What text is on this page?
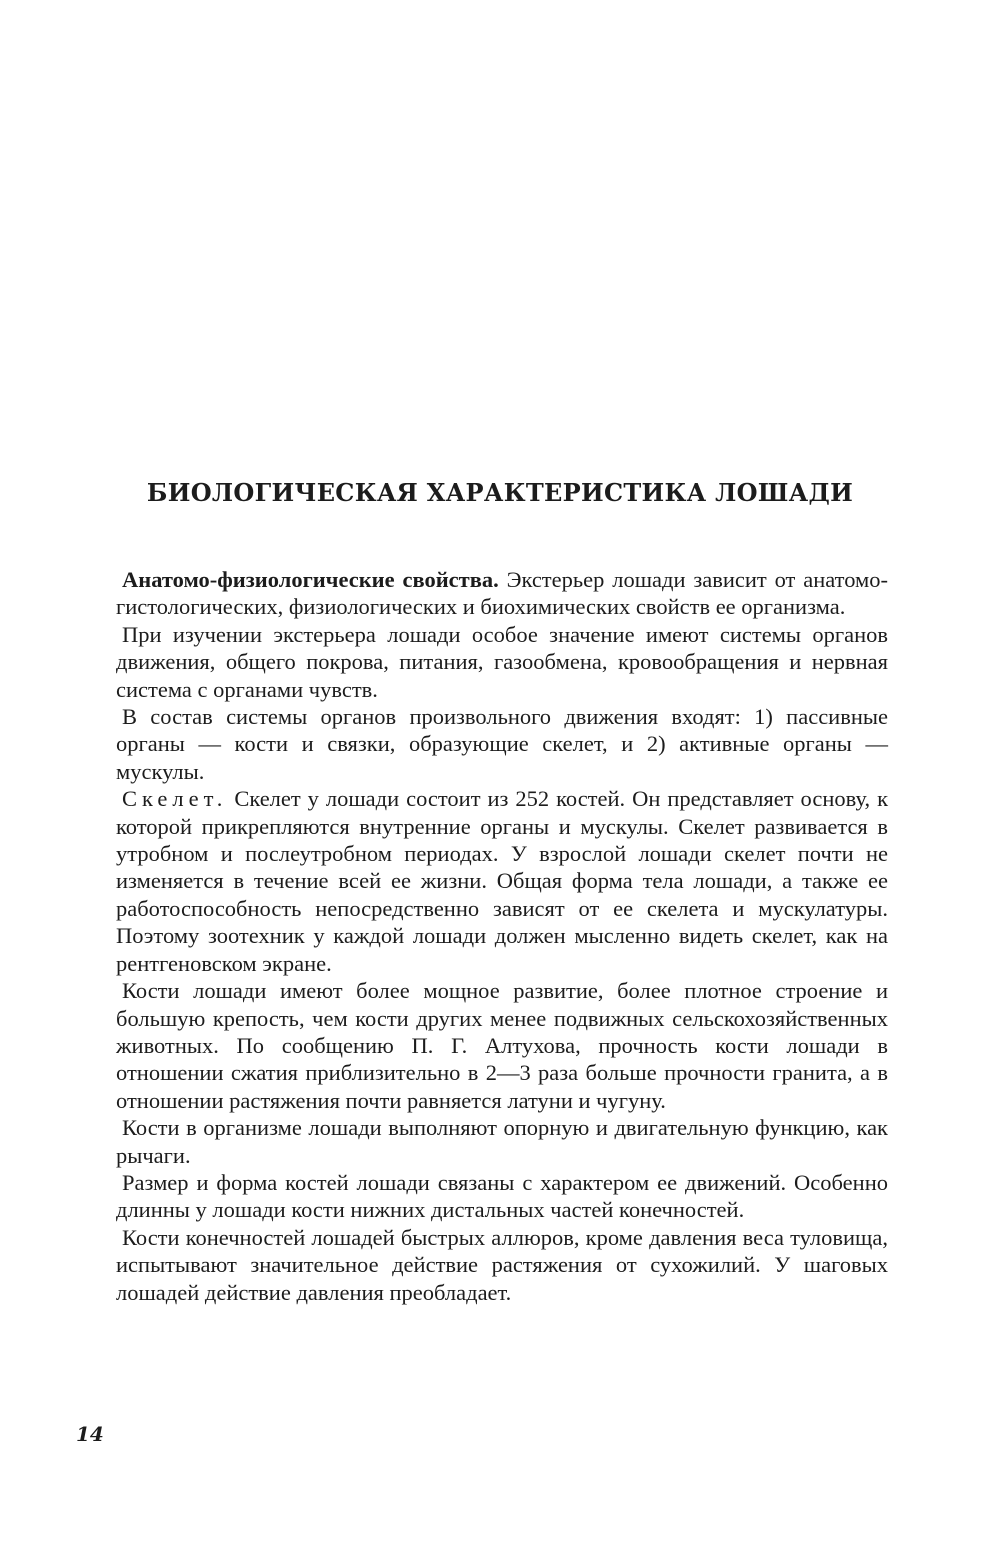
БИОЛОГИЧЕСКАЯ ХАРАКТЕРИСТИКА ЛОШАДИ

Анатомо-физиологические свойства. Экстерьер лошади зависит от анатомо-гистологических, физиологических и биохимических свойств ее организма.

При изучении экстерьера лошади особое значение имеют системы органов движения, общего покрова, питания, газообмена, кровообращения и нервная система с органами чувств.

В состав системы органов произвольного движения входят: 1) пассивные органы — кости и связки, образующие скелет, и 2) активные органы — мускулы.

Скелет. Скелет у лошади состоит из 252 костей. Он представляет основу, к которой прикрепляются внутренние органы и мускулы. Скелет развивается в утробном и послеутробном периодах. У взрослой лошади скелет почти не изменяется в течение всей ее жизни. Общая форма тела лошади, а также ее работоспособность непосредственно зависят от ее скелета и мускулатуры. Поэтому зоотехник у каждой лошади должен мысленно видеть скелет, как на рентгеновском экране.

Кости лошади имеют более мощное развитие, более плотное строение и большую крепость, чем кости других менее подвижных сельскохозяйственных животных. По сообщению П. Г. Алтухова, прочность кости лошади в отношении сжатия приблизительно в 2—3 раза больше прочности гранита, а в отношении растяжения почти равняется латуни и чугуну.

Кости в организме лошади выполняют опорную и двигательную функцию, как рычаги.

Размер и форма костей лошади связаны с характером ее движений. Особенно длинны у лошади кости нижних дистальных частей конечностей.

Кости конечностей лошадей быстрых аллюров, кроме давления веса туловища, испытывают значительное действие растяжения от сухожилий. У шаговых лошадей действие давления преобладает.

14
